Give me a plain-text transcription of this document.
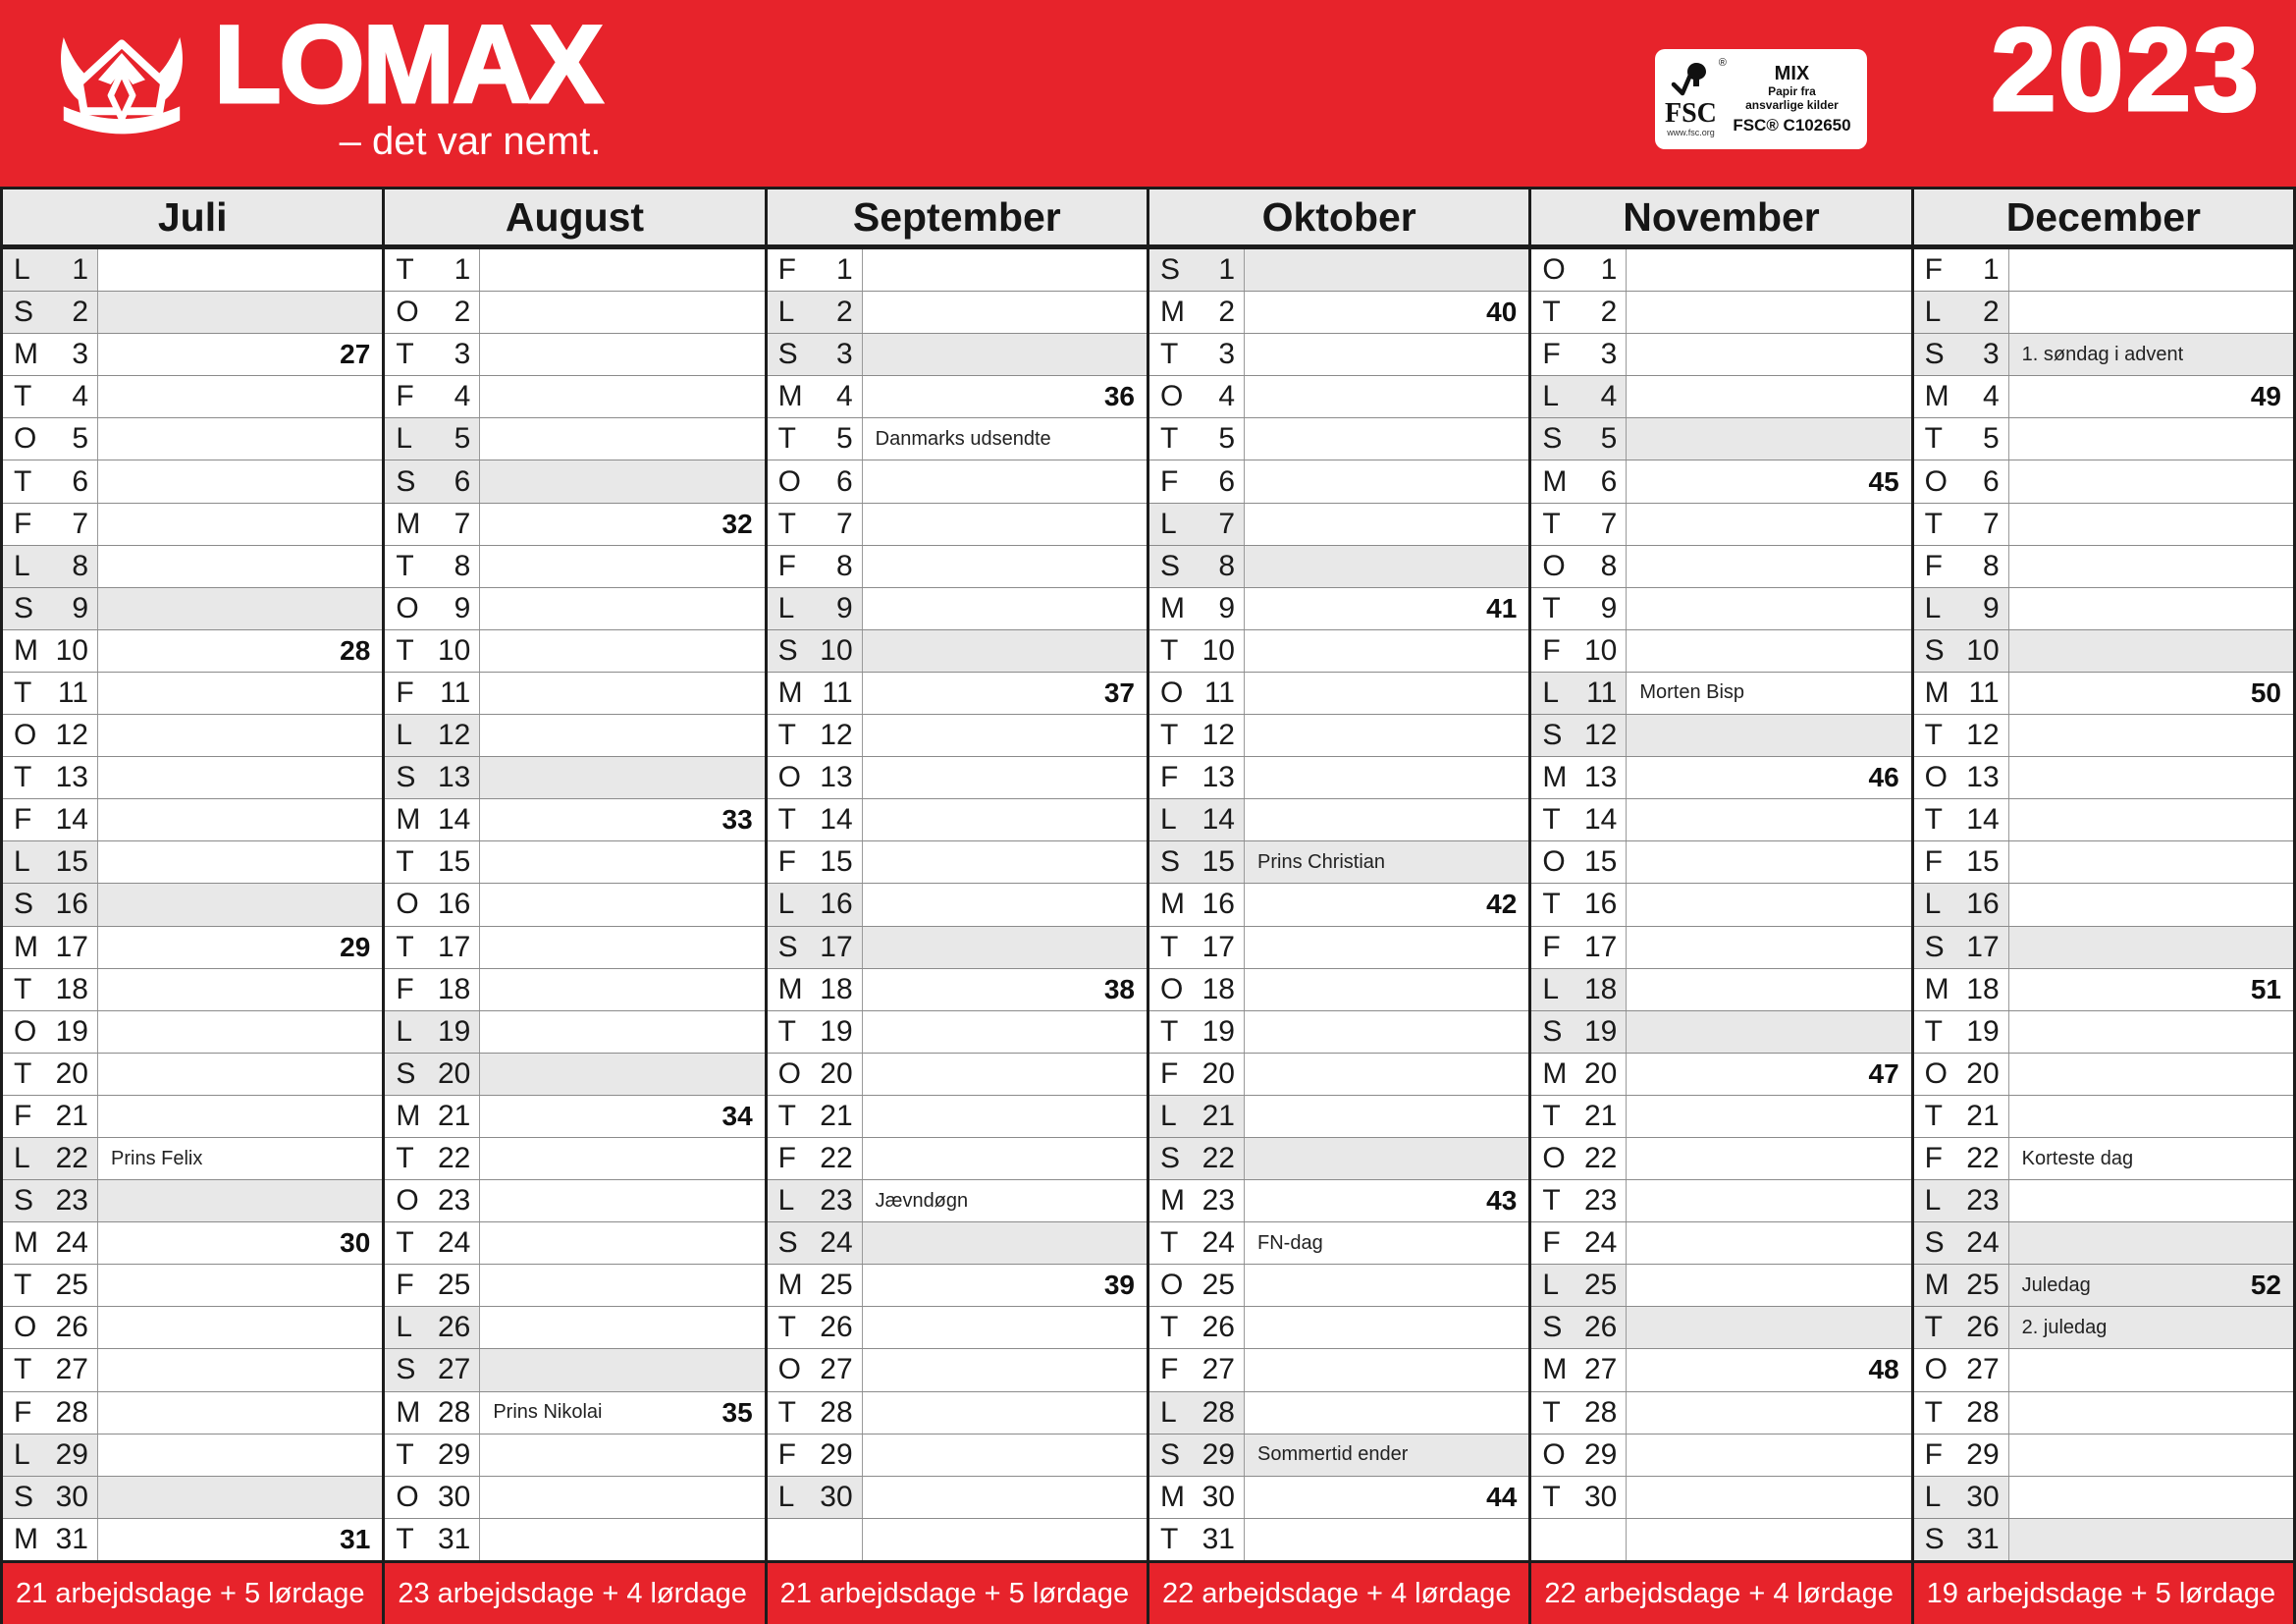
LOMAX
– det var nemt.
®
FSC
www.fsc.org
MIX
Papir fra
ansvarlige kilder
FSC® C102650 2023
Juli
L 1
S 2
M 3	27
T 4
O 5
T 6
F 7
L 8
S 9
M 10	28
T 11
O 12
T 13
F 14
L 15
S 16
M 17	29
T 18
O 19
T 20
F 21
L 22	Prins Felix
S 23
M 24	30
T 25
O 26
T 27
F 28
L 29
S 30
M 31	31
21 arbejdsdage + 5 lørdage
August
T 1
O 2
T 3
F 4
L 5
S 6
M 7	32
T 8
O 9
T 10
F 11
L 12
S 13
M 14	33
T 15
O 16
T 17
F 18
L 19
S 20
M 21	34
T 22
O 23
T 24
F 25
L 26
S 27
M 28	Prins Nikolai	35
T 29
O 30
T 31
23 arbejdsdage + 4 lørdage
September
F 1
L 2
S 3
M 4	36
T 5	Danmarks udsendte
O 6
T 7
F 8
L 9
S 10
M 11	37
T 12
O 13
T 14
F 15
L 16
S 17
M 18	38
T 19
O 20
T 21
F 22
L 23	Jævndøgn
S 24
M 25	39
T 26
O 27
T 28
F 29
L 30
21 arbejdsdage + 5 lørdage
Oktober
S 1
M 2	40
T 3
O 4
T 5
F 6
L 7
S 8
M 9	41
T 10
O 11
T 12
F 13
L 14
S 15	Prins Christian
M 16	42
T 17
O 18
T 19
F 20
L 21
S 22
M 23	43
T 24	FN-dag
O 25
T 26
F 27
L 28
S 29	Sommertid ender
M 30	44
T 31
22 arbejdsdage + 4 lørdage
November
O 1
T 2
F 3
L 4
S 5
M 6	45
T 7
O 8
T 9
F 10
L 11	Morten Bisp
S 12
M 13	46
T 14
O 15
T 16
F 17
L 18
S 19
M 20	47
T 21
O 22
T 23
F 24
L 25
S 26
M 27	48
T 28
O 29
T 30
22 arbejdsdage + 4 lørdage
December
F 1
L 2
S 3	1. søndag i advent
M 4	49
T 5
O 6
T 7
F 8
L 9
S 10
M 11	50
T 12
O 13
T 14
F 15
L 16
S 17
M 18	51
T 19
O 20
T 21
F 22	Korteste dag
L 23
S 24
M 25	Juledag	52
T 26	2. juledag
O 27
T 28
F 29
L 30
S 31
19 arbejdsdage + 5 lørdage
